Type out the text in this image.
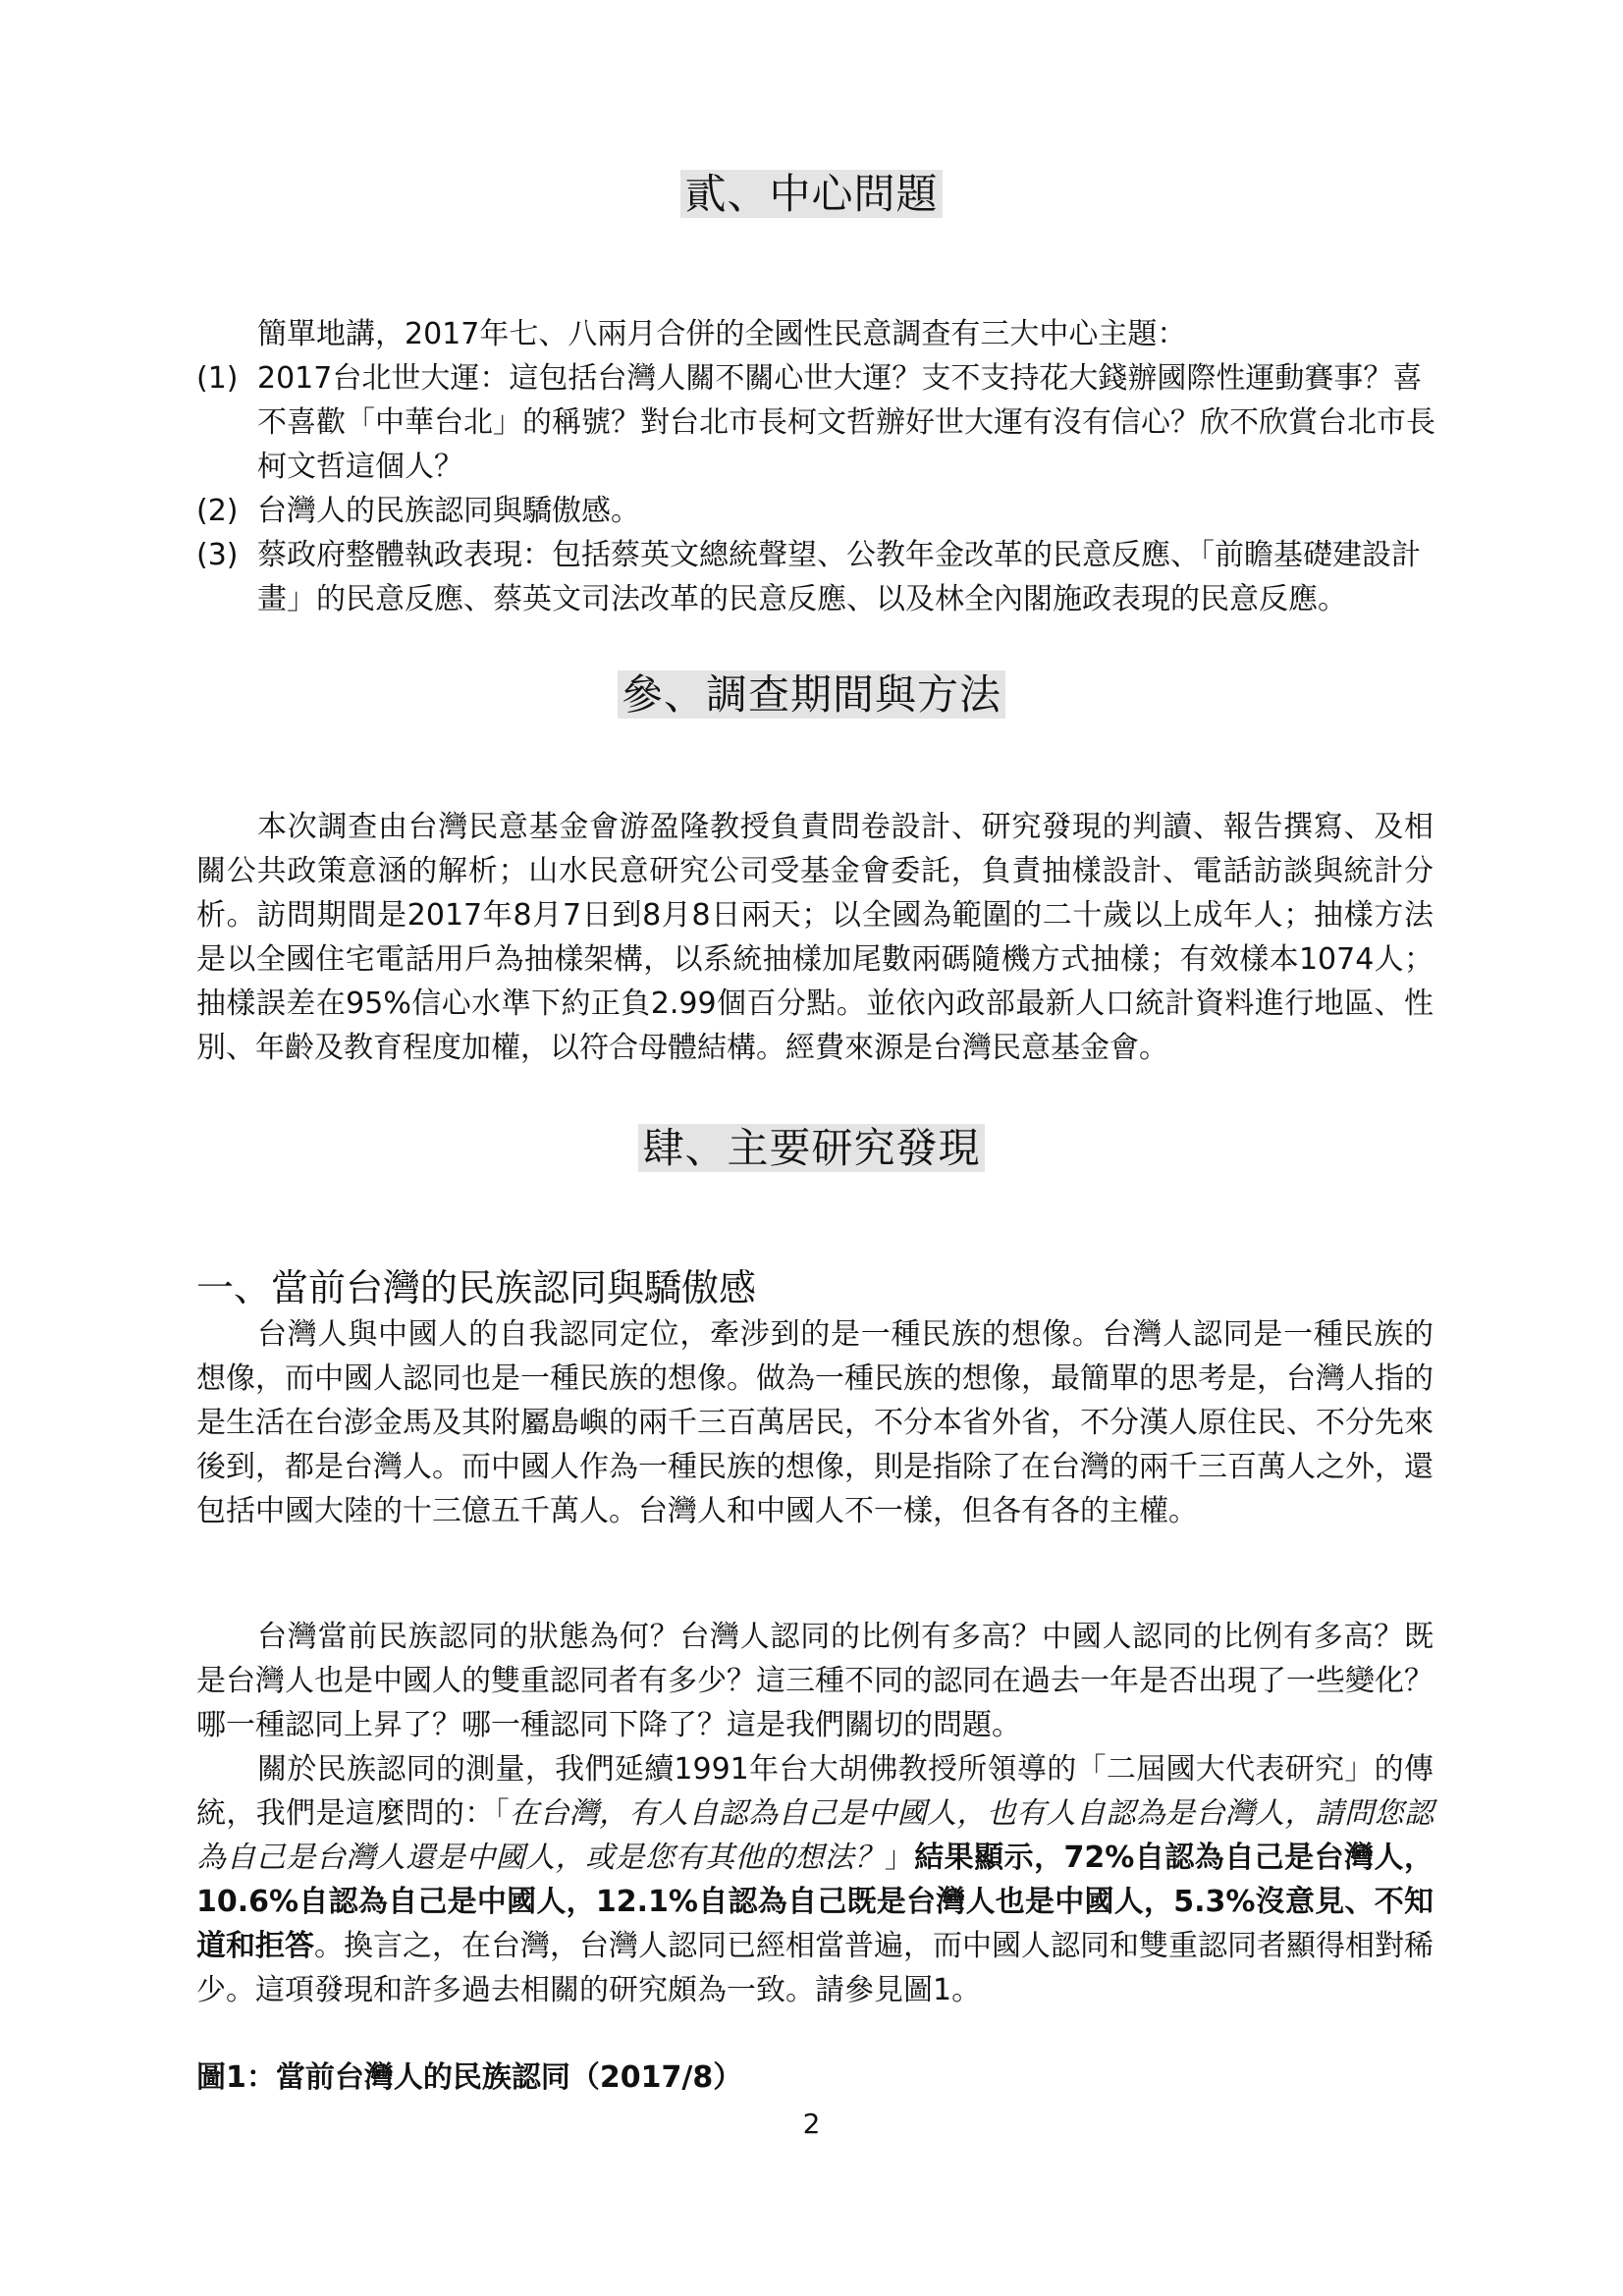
貳、中心問題

簡單地講，2017年七、八兩月合併的全國性民意調查有三大中心主題：

(1) 2017台北世大運：這包括台灣人關不關心世大運？支不支持花大錢辦國際性運動賽事？喜不喜歡「中華台北」的稱號？對台北市長柯文哲辦好世大運有沒有信心？欣不欣賞台北市長柯文哲這個人？
(2) 台灣人的民族認同與驕傲感。
(3) 蔡政府整體執政表現：包括蔡英文總統聲望、公教年金改革的民意反應、「前瞻基礎建設計畫」的民意反應、蔡英文司法改革的民意反應、以及林全內閣施政表現的民意反應。
參、調查期間與方法

本次調查由台灣民意基金會游盈隆教授負責問卷設計、研究發現的判讀、報告撰寫、及相關公共政策意涵的解析；山水民意研究公司受基金會委託，負責抽樣設計、電話訪談與統計分析。訪問期間是2017年8月7日到8月8日兩天；以全國為範圍的二十歲以上成年人；抽樣方法是以全國住宅電話用戶為抽樣架構，以系統抽樣加尾數兩碼隨機方式抽樣；有效樣本1074人；抽樣誤差在95%信心水準下約正負2.99個百分點。並依內政部最新人口統計資料進行地區、性別、年齡及教育程度加權，以符合母體結構。經費來源是台灣民意基金會。

肆、主要研究發現
一、當前台灣的民族認同與驕傲感

台灣人與中國人的自我認同定位，牽涉到的是一種民族的想像。台灣人認同是一種民族的想像，而中國人認同也是一種民族的想像。做為一種民族的想像，最簡單的思考是，台灣人指的是生活在台澎金馬及其附屬島嶼的兩千三百萬居民，不分本省外省，不分漢人原住民、不分先來後到，都是台灣人。而中國人作為一種民族的想像，則是指除了在台灣的兩千三百萬人之外，還包括中國大陸的十三億五千萬人。台灣人和中國人不一樣，但各有各的主權。

台灣當前民族認同的狀態為何？台灣人認同的比例有多高？中國人認同的比例有多高？既是台灣人也是中國人的雙重認同者有多少？這三種不同的認同在過去一年是否出現了一些變化？哪一種認同上昇了？哪一種認同下降了？這是我們關切的問題。

關於民族認同的測量，我們延續1991年台大胡佛教授所領導的「二屆國大代表研究」的傳統，我們是這麼問的：「在台灣，有人自認為自己是中國人，也有人自認為是台灣人，請問您認為自己是台灣人還是中國人，或是您有其他的想法？」結果顯示，72%自認為自己是台灣人，10.6%自認為自己是中國人，12.1%自認為自己既是台灣人也是中國人，5.3%沒意見、不知道和拒答。換言之，在台灣，台灣人認同已經相當普遍，而中國人認同和雙重認同者顯得相對稀少。這項發現和許多過去相關的研究頗為一致。請參見圖1。

圖1：當前台灣人的民族認同（2017/8）
2
